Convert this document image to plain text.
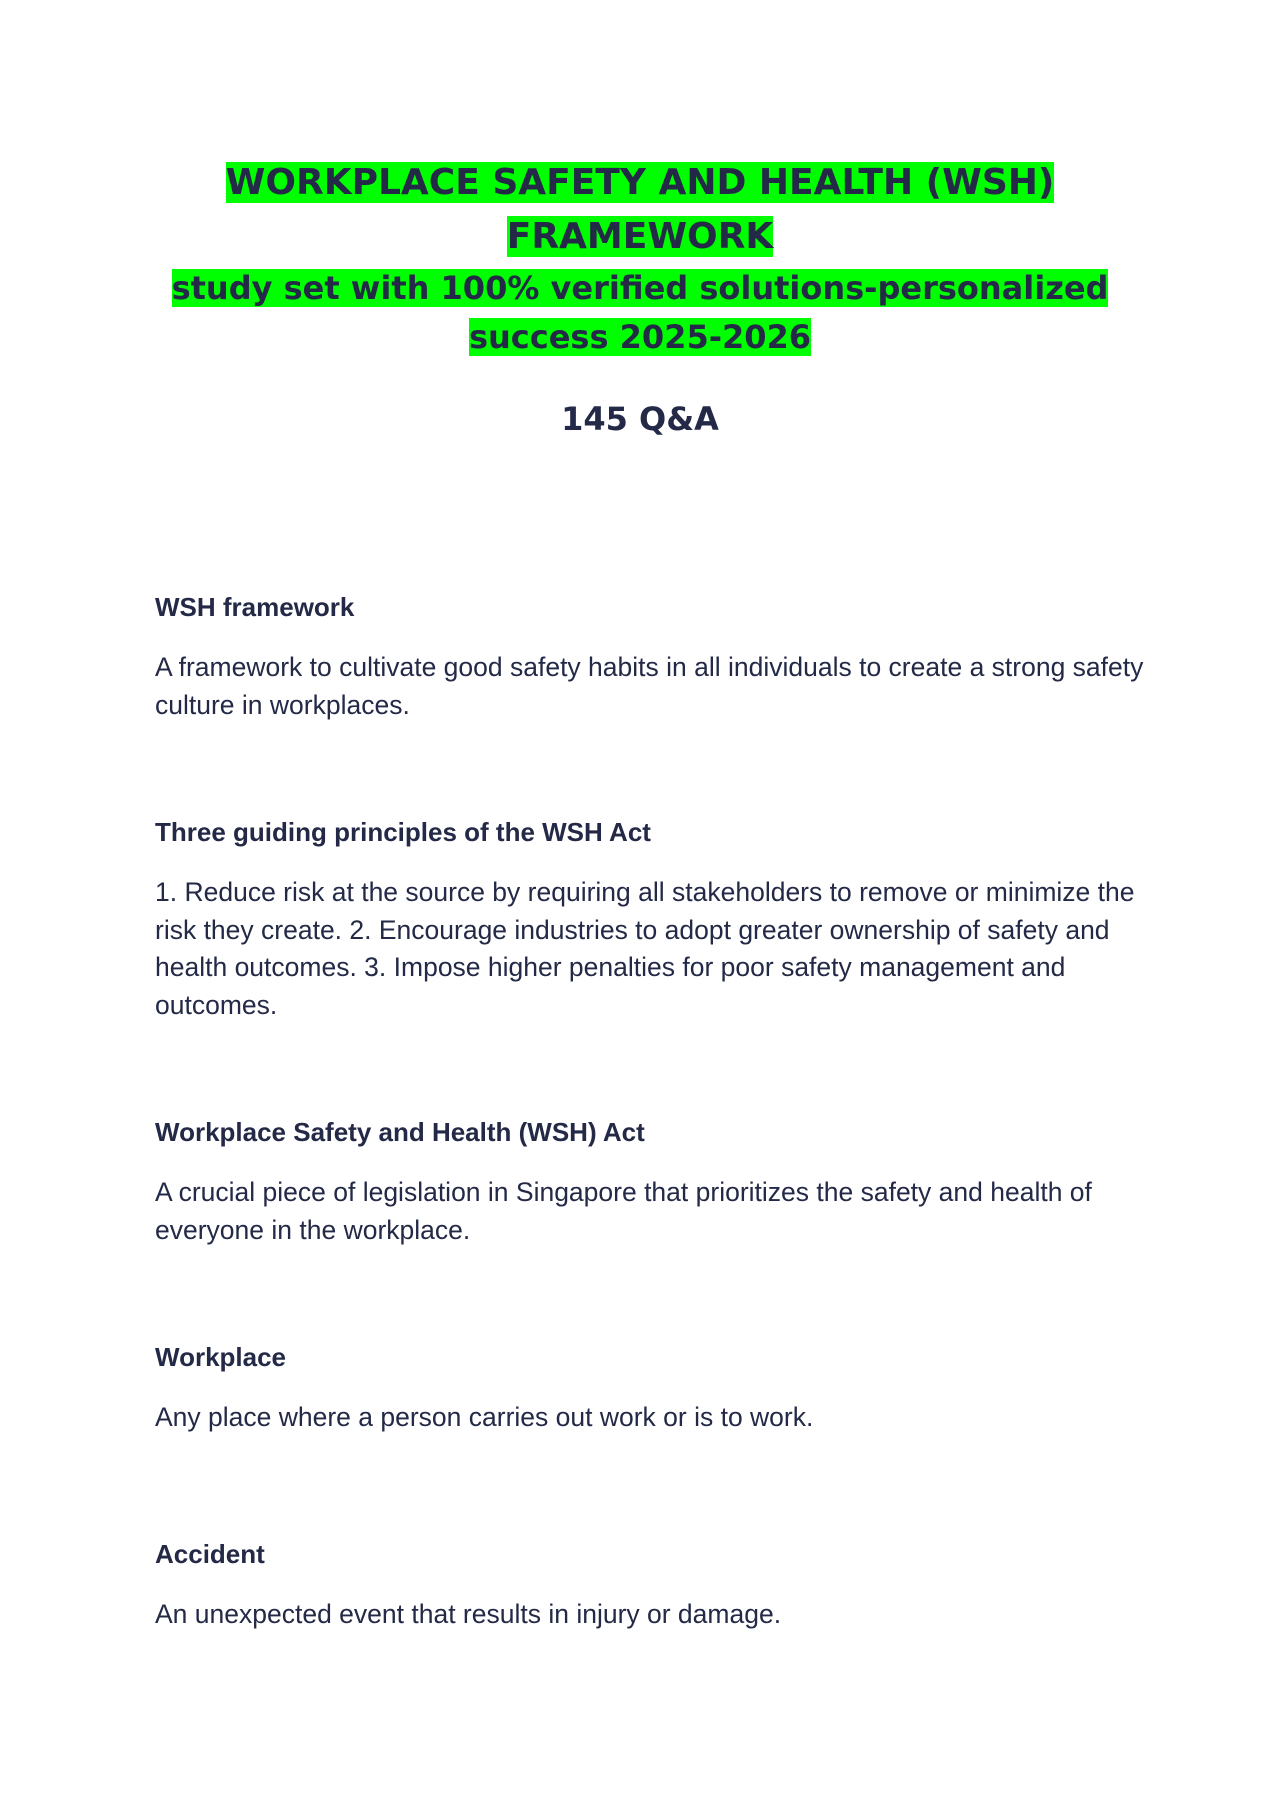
WORKPLACE SAFETY AND HEALTH (WSH) FRAMEWORK

study set with 100% verified solutions-personalized success 2025-2026

145 Q&A

WSH framework

A framework to cultivate good safety habits in all individuals to create a strong safety culture in workplaces.

Three guiding principles of the WSH Act

1. Reduce risk at the source by requiring all stakeholders to remove or minimize the risk they create. 2. Encourage industries to adopt greater ownership of safety and health outcomes. 3. Impose higher penalties for poor safety management and outcomes.

Workplace Safety and Health (WSH) Act

A crucial piece of legislation in Singapore that prioritizes the safety and health of everyone in the workplace.

Workplace

Any place where a person carries out work or is to work.

Accident

An unexpected event that results in injury or damage.
